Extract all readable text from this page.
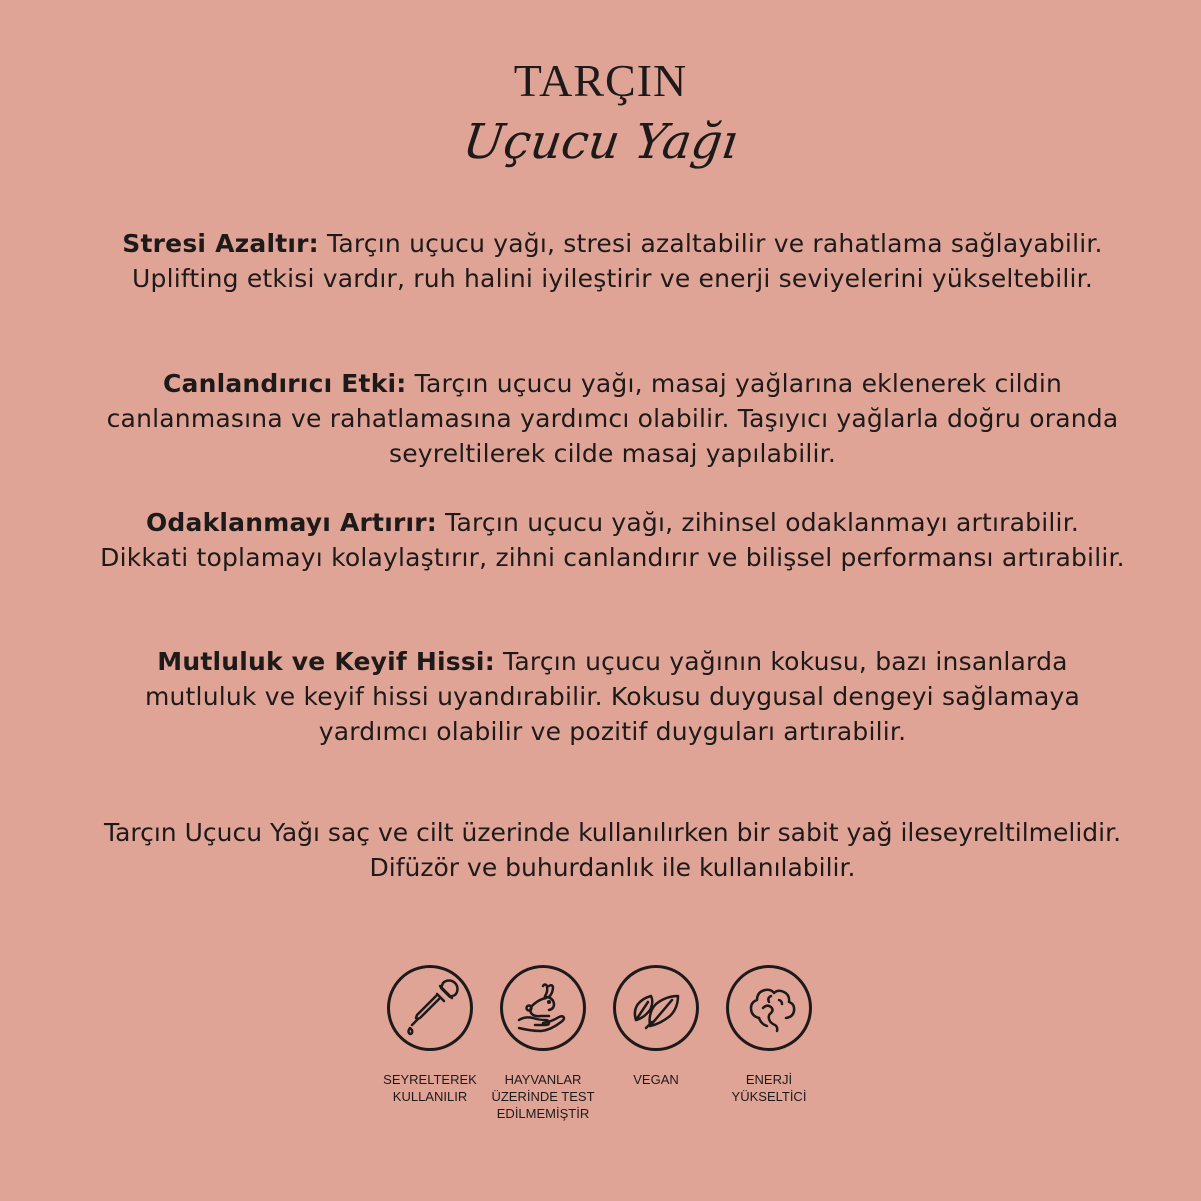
TARÇIN
Uçucu Yağı
Stresi Azaltır: Tarçın uçucu yağı, stresi azaltabilir ve rahatlama sağlayabilir. Uplifting etkisi vardır, ruh halini iyileştirir ve enerji seviyelerini yükseltebilir.
Canlandırıcı Etki: Tarçın uçucu yağı, masaj yağlarına eklenerek cildin canlanmasına ve rahatlamasına yardımcı olabilir. Taşıyıcı yağlarla doğru oranda seyreltilerek cilde masaj yapılabilir.
Odaklanmayı Artırır: Tarçın uçucu yağı, zihinsel odaklanmayı artırabilir. Dikkati toplamayı kolaylaştırır, zihni canlandırır ve bilişsel performansı artırabilir.
Mutluluk ve Keyif Hissi: Tarçın uçucu yağının kokusu, bazı insanlarda mutluluk ve keyif hissi uyandırabilir. Kokusu duygusal dengeyi sağlamaya yardımcı olabilir ve pozitif duyguları artırabilir.
Tarçın Uçucu Yağı saç ve cilt üzerinde kullanılırken bir sabit yağ ileseyreltilmelidir.
Difüzör ve buhurdanlık ile kullanılabilir.
SEYRELTEREK
KULLANILIR
HAYVANLAR
ÜZERİNDE TEST
EDİLMEMİŞTİR
VEGAN	ENERJİ
YÜKSELTİCİ
